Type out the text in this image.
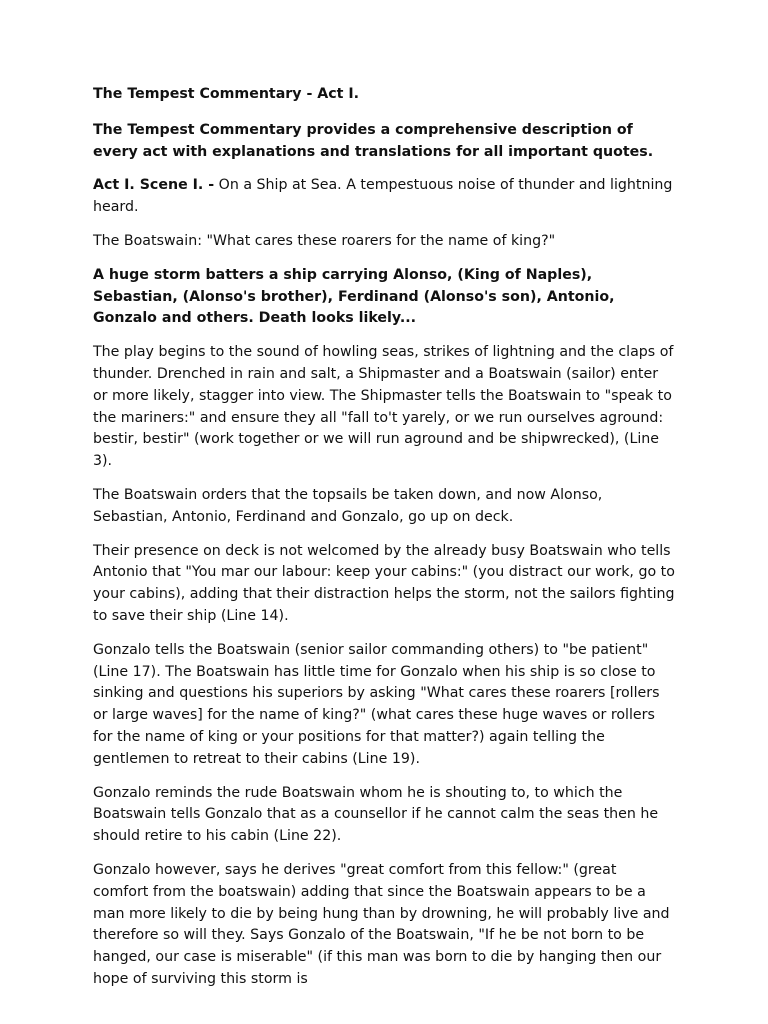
The Tempest Commentary - Act I.

The Tempest Commentary provides a comprehensive description of every act with explanations and translations for all important quotes.

Act I. Scene I. - On a Ship at Sea. A tempestuous noise of thunder and lightning heard.

The Boatswain: "What cares these roarers for the name of king?"

A huge storm batters a ship carrying Alonso, (King of Naples), Sebastian, (Alonso's brother), Ferdinand (Alonso's son), Antonio, Gonzalo and others. Death looks likely...

The play begins to the sound of howling seas, strikes of lightning and the claps of thunder. Drenched in rain and salt, a Shipmaster and a Boatswain (sailor) enter or more likely, stagger into view. The Shipmaster tells the Boatswain to "speak to the mariners:" and ensure they all "fall to't yarely, or we run ourselves aground: bestir, bestir" (work together or we will run aground and be shipwrecked), (Line 3).

The Boatswain orders that the topsails be taken down, and now Alonso, Sebastian, Antonio, Ferdinand and Gonzalo, go up on deck.

Their presence on deck is not welcomed by the already busy Boatswain who tells Antonio that "You mar our labour: keep your cabins:" (you distract our work, go to your cabins), adding that their distraction helps the storm, not the sailors fighting to save their ship (Line 14).

Gonzalo tells the Boatswain (senior sailor commanding others) to "be patient" (Line 17). The Boatswain has little time for Gonzalo when his ship is so close to sinking and questions his superiors by asking "What cares these roarers [rollers or large waves] for the name of king?" (what cares these huge waves or rollers for the name of king or your positions for that matter?) again telling the gentlemen to retreat to their cabins (Line 19).

Gonzalo reminds the rude Boatswain whom he is shouting to, to which the Boatswain tells Gonzalo that as a counsellor if he cannot calm the seas then he should retire to his cabin (Line 22).

Gonzalo however, says he derives "great comfort from this fellow:" (great comfort from the boatswain) adding that since the Boatswain appears to be a man more likely to die by being hung than by drowning, he will probably live and therefore so will they. Says Gonzalo of the Boatswain, "If he be not born to be hanged, our case is miserable" (if this man was born to die by hanging then our hope of surviving this storm is
